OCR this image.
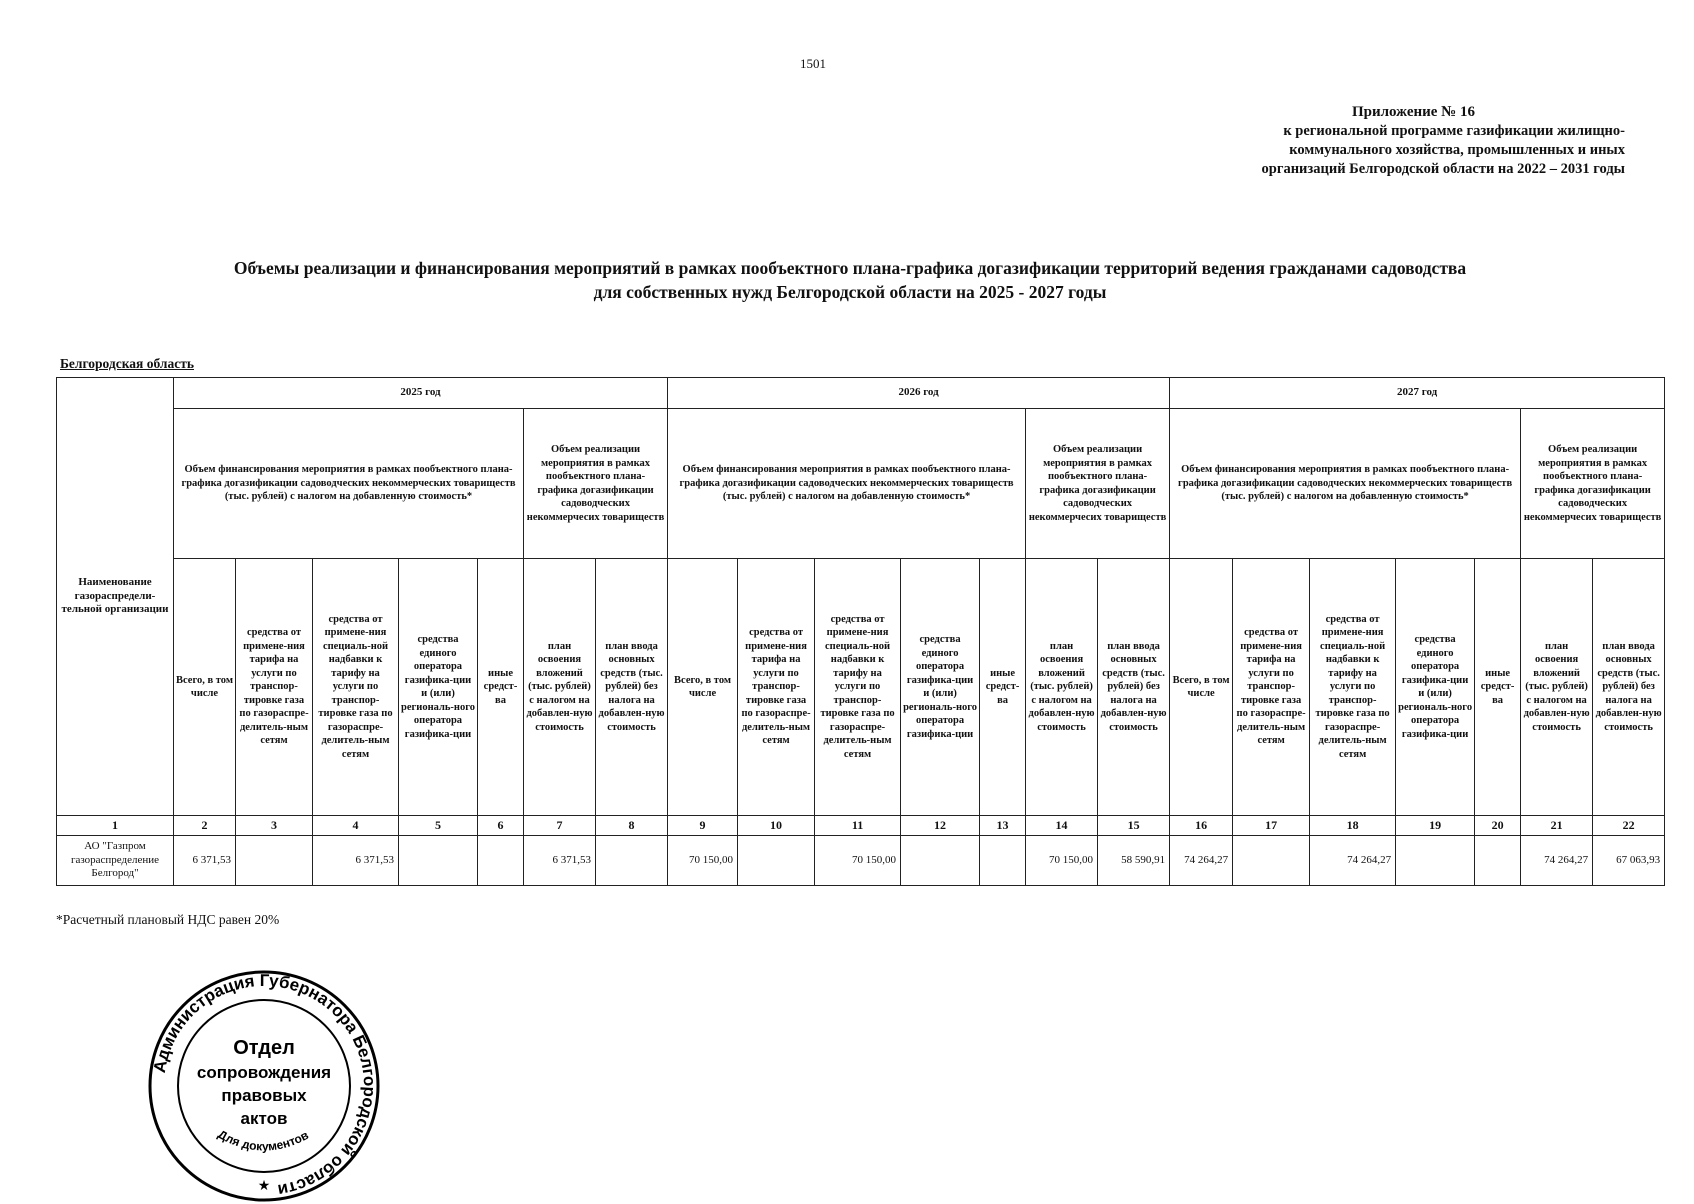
1501
Приложение № 16
к региональной программе газификации жилищно-
коммунального хозяйства, промышленных и иных
организаций Белгородской области на 2022 – 2031 годы
Объемы реализации и финансирования мероприятий в рамках пообъектного плана-графика догазификации территорий ведения гражданами садоводства
для собственных нужд Белгородской области на 2025 - 2027 годы
Белгородская область
Наименование газораспредели-тельной организации	2025 год							2026 год							2027 год						
	Объем финансирования мероприятия в рамках пообъектного плана-графика догазификации садоводческих некоммерческих товариществ (тыс. рублей) с налогом на добавленную стоимость*					Объем реализации мероприятия в рамках пообъектного плана-графика догазификации садоводческих некоммерчесих товариществ		Объем финансирования мероприятия в рамках пообъектного плана-графика догазификации садоводческих некоммерческих товариществ (тыс. рублей) с налогом на добавленную стоимость*					Объем реализации мероприятия в рамках пообъектного плана-графика догазификации садоводческих некоммерчесих товариществ		Объем финансирования мероприятия в рамках пообъектного плана-графика догазификации садоводческих некоммерческих товариществ (тыс. рублей) с налогом на добавленную стоимость*					Объем реализации мероприятия в рамках пообъектного плана-графика догазификации садоводческих некоммерчесих товариществ	
	Всего, в том числе	средства от примене-ния тарифа на услуги по транспор-тировке газа по газораспре-делитель-ным сетям	средства от примене-ния специаль-ной надбавки к тарифу на услуги по транспор-тировке газа по газораспре-делитель-ным сетям	средства единого оператора газифика-ции и (или) региональ-ного оператора газифика-ции	иные средст-ва	план освоения вложений (тыс. рублей) с налогом на добавлен-ную стоимость	план ввода основных средств (тыс. рублей) без налога на добавлен-ную стоимость	Всего, в том числе	средства от примене-ния тарифа на услуги по транспор-тировке газа по газораспре-делитель-ным сетям	средства от примене-ния специаль-ной надбавки к тарифу на услуги по транспор-тировке газа по газораспре-делитель-ным сетям	средства единого оператора газифика-ции и (или) региональ-ного оператора газифика-ции	иные средст-ва	план освоения вложений (тыс. рублей) с налогом на добавлен-ную стоимость	план ввода основных средств (тыс. рублей) без налога на добавлен-ную стоимость	Всего, в том числе	средства от примене-ния тарифа на услуги по транспор-тировке газа по газораспре-делитель-ным сетям	средства от примене-ния специаль-ной надбавки к тарифу на услуги по транспор-тировке газа по газораспре-делитель-ным сетям	средства единого оператора газифика-ции и (или) региональ-ного оператора газифика-ции	иные средст-ва	план освоения вложений (тыс. рублей) с налогом на добавлен-ную стоимость	план ввода основных средств (тыс. рублей) без налога на добавлен-ную стоимость
1	2	3	4	5	6	7	8	9	10	11	12	13	14	15	16	17	18	19	20	21	22
АО "Газпром газораспределение Белгород"	6 371,53		6 371,53			6 371,53		70 150,00		70 150,00			70 150,00	58 590,91	74 264,27		74 264,27			74 264,27	67 063,93
*Расчетный плановый НДС равен 20%
Администрация Губернатора Белгородской области
Для документов
Отдел
сопровождения
правовых
актов
★
